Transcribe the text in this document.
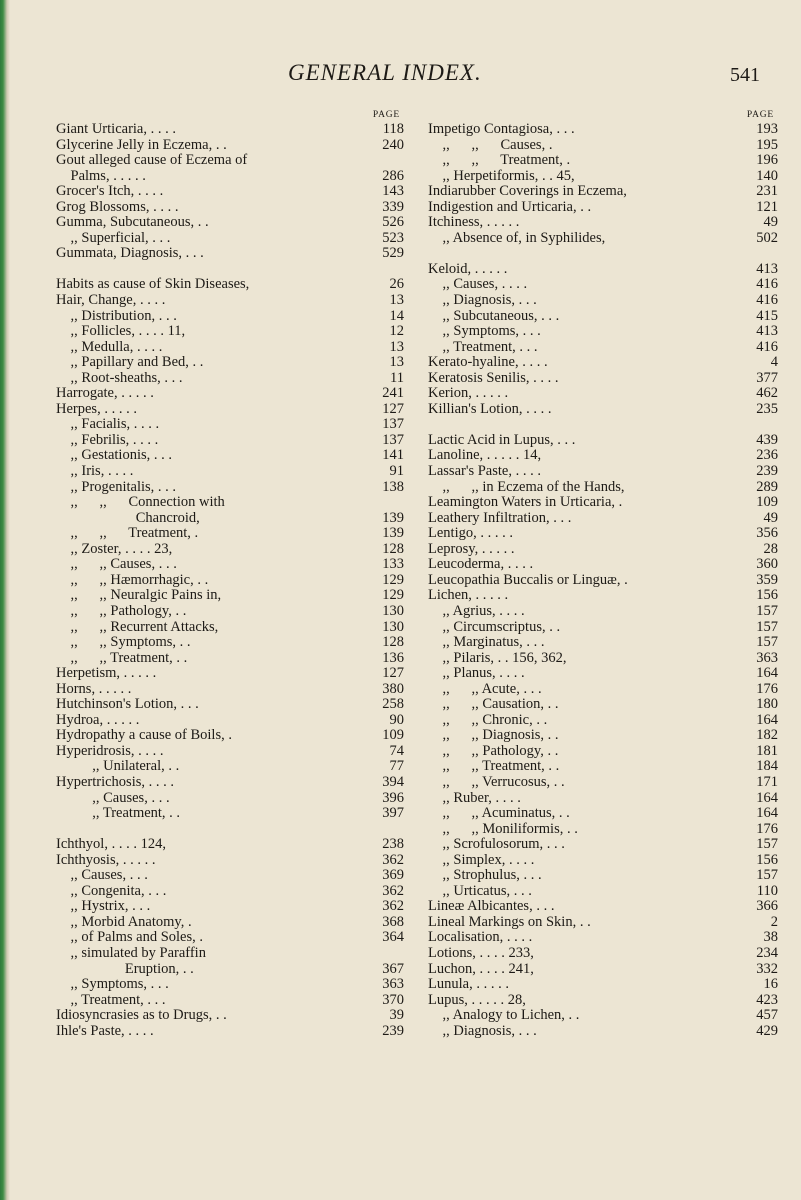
GENERAL INDEX.	541
PAGE
Giant Urticaria, . . . .	118
Glycerine Jelly in Eczema, . .	240
Gout alleged cause of Eczema of
Palms, . . . . .	286
Grocer's Itch, . . . .	143
Grog Blossoms, . . . .	339
Gumma, Subcutaneous, . .	526
,, Superficial, . . .	523
Gummata, Diagnosis, . . .	529
Habits as cause of Skin Diseases,	26
Hair, Change, . . . .	13
,, Distribution, . . .	14
,, Follicles, . . . . 11,	12
,, Medulla, . . . .	13
,, Papillary and Bed, . .	13
,, Root-sheaths, . . .	11
Harrogate, . . . . .	241
Herpes, . . . . .	127
,, Facialis, . . . .	137
,, Febrilis, . . . .	137
,, Gestationis, . . .	141
,, Iris, . . . .	91
,, Progenitalis, . . .	138
,,      ,,      Connection with
Chancroid,	139
,,      ,,      Treatment, .	139
,, Zoster, . . . . 23,	128
,,      ,, Causes, . . .	133
,,      ,, Hæmorrhagic, . .	129
,,      ,, Neuralgic Pains in,	129
,,      ,, Pathology, . .	130
,,      ,, Recurrent Attacks,	130
,,      ,, Symptoms, . .	128
,,      ,, Treatment, . .	136
Herpetism, . . . . .	127
Horns, . . . . .	380
Hutchinson's Lotion, . . .	258
Hydroa, . . . . .	90
Hydropathy a cause of Boils, .	109
Hyperidrosis, . . . .	74
,, Unilateral, . .	77
Hypertrichosis, . . . .	394
,, Causes, . . .	396
,, Treatment, . .	397
Ichthyol, . . . . 124,	238
Ichthyosis, . . . . .	362
,, Causes, . . .	369
,, Congenita, . . .	362
,, Hystrix, . . .	362
,, Morbid Anatomy, .	368
,, of Palms and Soles, .	364
,, simulated by Paraffin
Eruption, . .	367
,, Symptoms, . . .	363
,, Treatment, . . .	370
Idiosyncrasies as to Drugs, . .	39
Ihle's Paste, . . . .	239
PAGE
Impetigo Contagiosa, . . .	193
,,      ,,      Causes, .	195
,,      ,,      Treatment, .	196
,, Herpetiformis, . . 45,	140
Indiarubber Coverings in Eczema,	231
Indigestion and Urticaria, . .	121
Itchiness, . . . . .	49
,, Absence of, in Syphilides,	502
Keloid, . . . . .	413
,, Causes, . . . .	416
,, Diagnosis, . . .	416
,, Subcutaneous, . . .	415
,, Symptoms, . . .	413
,, Treatment, . . .	416
Kerato-hyaline, . . . .	4
Keratosis Senilis, . . . .	377
Kerion, . . . . .	462
Killian's Lotion, . . . .	235
Lactic Acid in Lupus, . . .	439
Lanoline, . . . . . 14,	236
Lassar's Paste, . . . .	239
,,      ,, in Eczema of the Hands,	289
Leamington Waters in Urticaria, .	109
Leathery Infiltration, . . .	49
Lentigo, . . . . .	356
Leprosy, . . . . .	28
Leucoderma, . . . .	360
Leucopathia Buccalis or Linguæ, .	359
Lichen, . . . . .	156
,, Agrius, . . . .	157
,, Circumscriptus, . .	157
,, Marginatus, . . .	157
,, Pilaris, . . 156, 362,	363
,, Planus, . . . .	164
,,      ,, Acute, . . .	176
,,      ,, Causation, . .	180
,,      ,, Chronic, . .	164
,,      ,, Diagnosis, . .	182
,,      ,, Pathology, . .	181
,,      ,, Treatment, . .	184
,,      ,, Verrucosus, . .	171
,, Ruber, . . . .	164
,,      ,, Acuminatus, . .	164
,,      ,, Moniliformis, . .	176
,, Scrofulosorum, . . .	157
,, Simplex, . . . .	156
,, Strophulus, . . .	157
,, Urticatus, . . .	110
Lineæ Albicantes, . . .	366
Lineal Markings on Skin, . .	2
Localisation, . . . .	38
Lotions, . . . . 233,	234
Luchon, . . . . 241,	332
Lunula, . . . . .	16
Lupus, . . . . . 28,	423
,, Analogy to Lichen, . .	457
,, Diagnosis, . . .	429
